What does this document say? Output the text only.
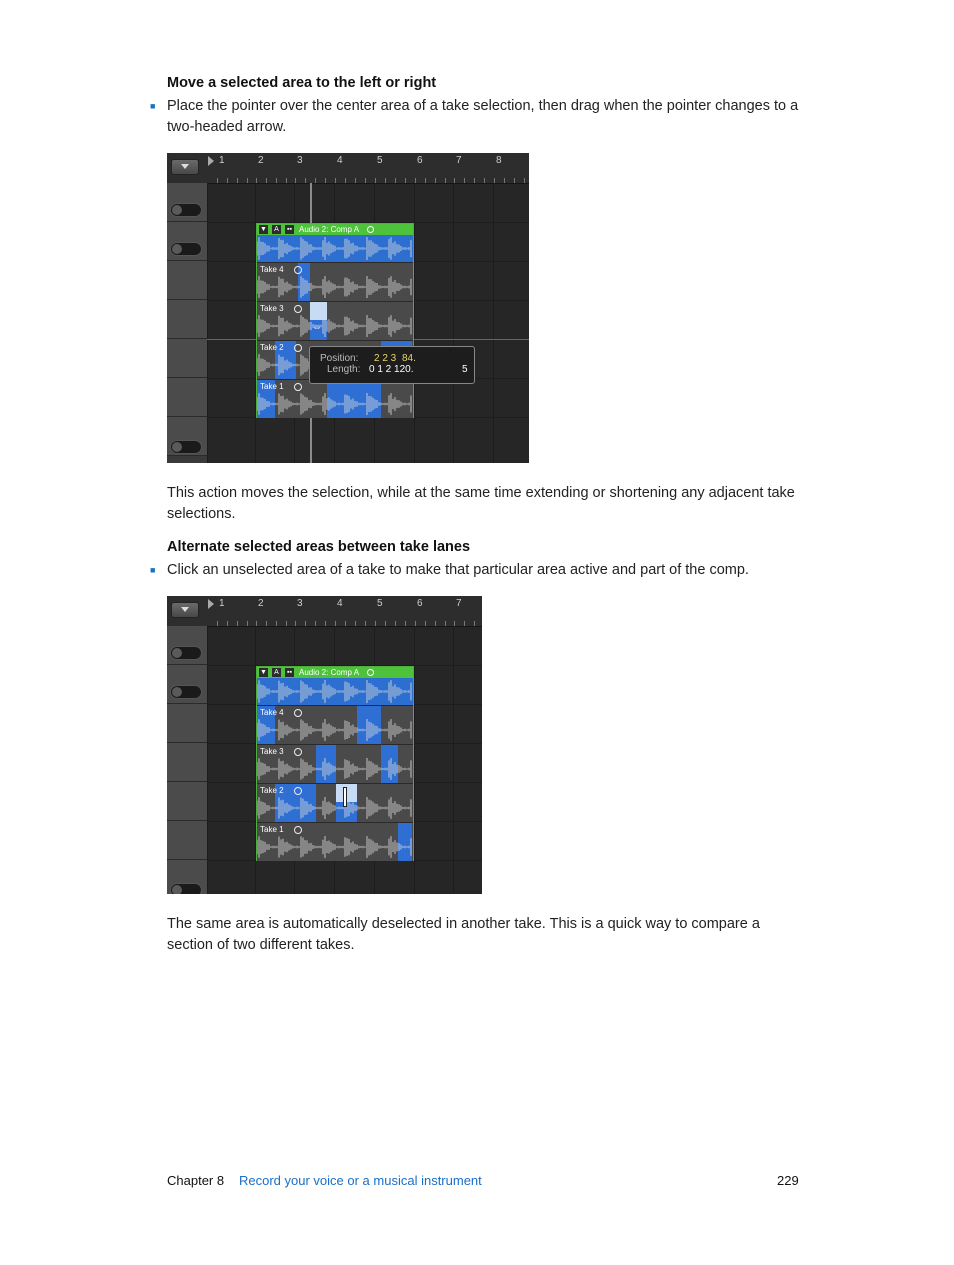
Move a selected area to the left or right
■ Place the pointer over the center area of a take selection, then drag when the pointer changes to a two-headed arrow.
1	2	3	4	5	6	7	8
▼	A	▪▪ Audio 2: Comp A
Take 4
Take 3
⇔
Take 2
Take 1
Position: 2 2 3 84.
Length: 0 1 2 120.	5
This action moves the selection, while at the same time extending or shortening any adjacent take selections.
Alternate selected areas between take lanes
■ Click an unselected area of a take to make that particular area active and part of the comp.
1	2	3	4	5	6	7
▼	A	▪▪ Audio 2: Comp A
Take 4
Take 3
Take 2
Take 1
The same area is automatically deselected in another take. This is a quick way to compare a section of two different takes.
Chapter 8 Record your voice or a musical instrument	229
